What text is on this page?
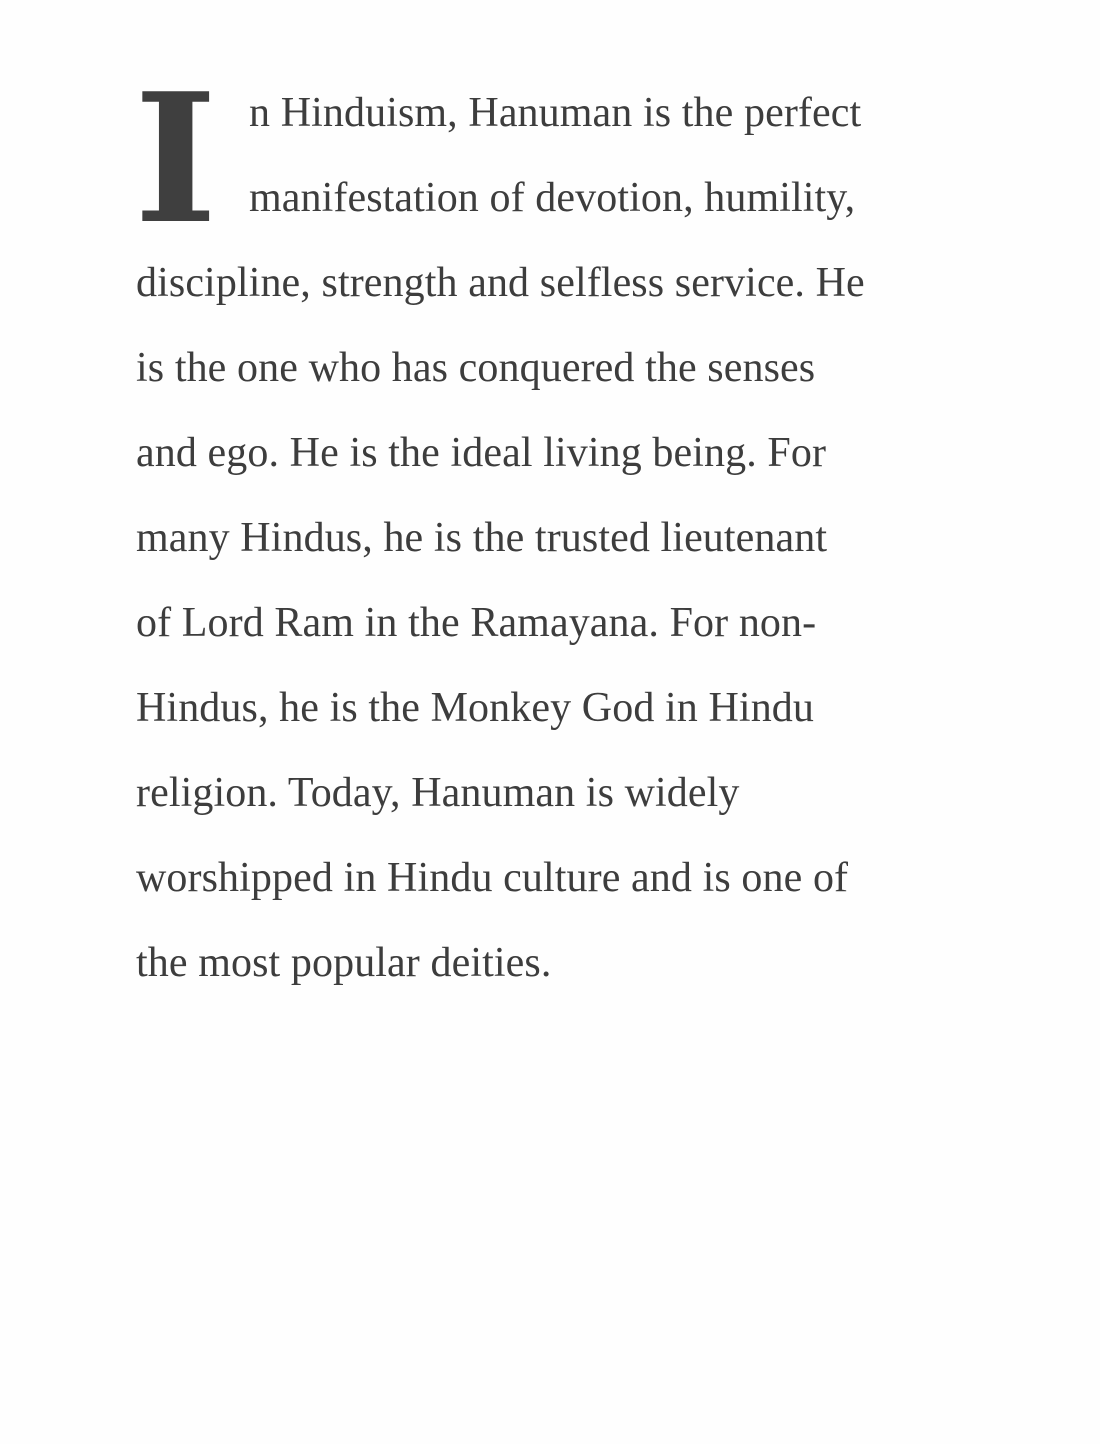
I n Hinduism, Hanuman is the perfect
manifestation of devotion, humility,
discipline, strength and selfless service. He
is the one who has conquered the senses
and ego. He is the ideal living being. For
many Hindus, he is the trusted lieutenant
of Lord Ram in the Ramayana. For non-
Hindus, he is the Monkey God in Hindu
religion. Today, Hanuman is widely
worshipped in Hindu culture and is one of
the most popular deities.
